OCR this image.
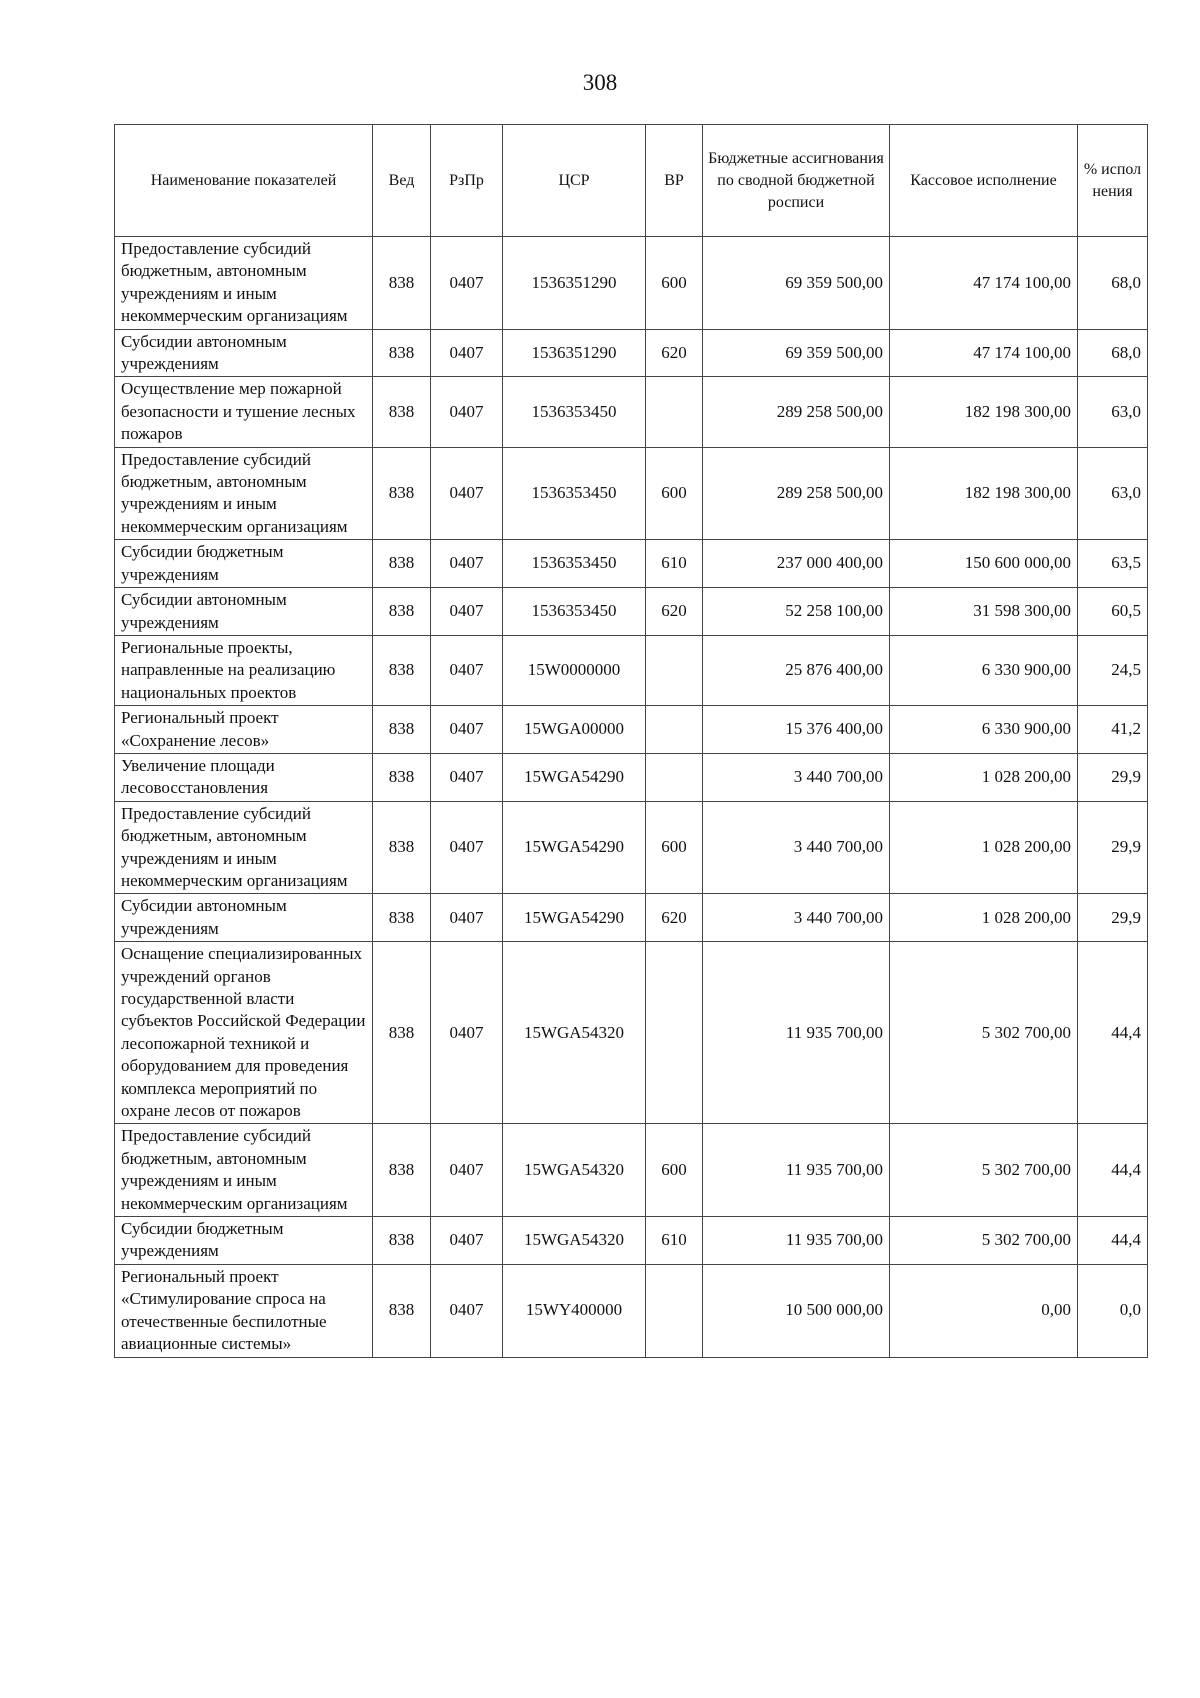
308
Наименование показателей	Вед	РзПр	ЦСР	ВР	Бюджетные ассигнования по сводной бюджетной росписи	Кассовое исполнение	% испол нения
Предоставление субсидий бюджетным, автономным учреждениям и иным некоммерческим организациям	838	0407	1536351290	600	69 359 500,00	47 174 100,00	68,0
Субсидии автономным учреждениям	838	0407	1536351290	620	69 359 500,00	47 174 100,00	68,0
Осуществление мер пожарной безопасности и тушение лесных пожаров	838	0407	1536353450		289 258 500,00	182 198 300,00	63,0
Предоставление субсидий бюджетным, автономным учреждениям и иным некоммерческим организациям	838	0407	1536353450	600	289 258 500,00	182 198 300,00	63,0
Субсидии бюджетным учреждениям	838	0407	1536353450	610	237 000 400,00	150 600 000,00	63,5
Субсидии автономным учреждениям	838	0407	1536353450	620	52 258 100,00	31 598 300,00	60,5
Региональные проекты, направленные на реализацию национальных проектов	838	0407	15W0000000		25 876 400,00	6 330 900,00	24,5
Региональный проект «Сохранение лесов»	838	0407	15WGA00000		15 376 400,00	6 330 900,00	41,2
Увеличение площади лесовосстановления	838	0407	15WGA54290		3 440 700,00	1 028 200,00	29,9
Предоставление субсидий бюджетным, автономным учреждениям и иным некоммерческим организациям	838	0407	15WGA54290	600	3 440 700,00	1 028 200,00	29,9
Субсидии автономным учреждениям	838	0407	15WGA54290	620	3 440 700,00	1 028 200,00	29,9
Оснащение специализированных учреждений органов государственной власти субъектов Российской Федерации лесопожарной техникой и оборудованием для проведения комплекса мероприятий по охране лесов от пожаров	838	0407	15WGA54320		11 935 700,00	5 302 700,00	44,4
Предоставление субсидий бюджетным, автономным учреждениям и иным некоммерческим организациям	838	0407	15WGA54320	600	11 935 700,00	5 302 700,00	44,4
Субсидии бюджетным учреждениям	838	0407	15WGA54320	610	11 935 700,00	5 302 700,00	44,4
Региональный проект «Стимулирование спроса на отечественные беспилотные авиационные системы»	838	0407	15WY400000		10 500 000,00	0,00	0,0
